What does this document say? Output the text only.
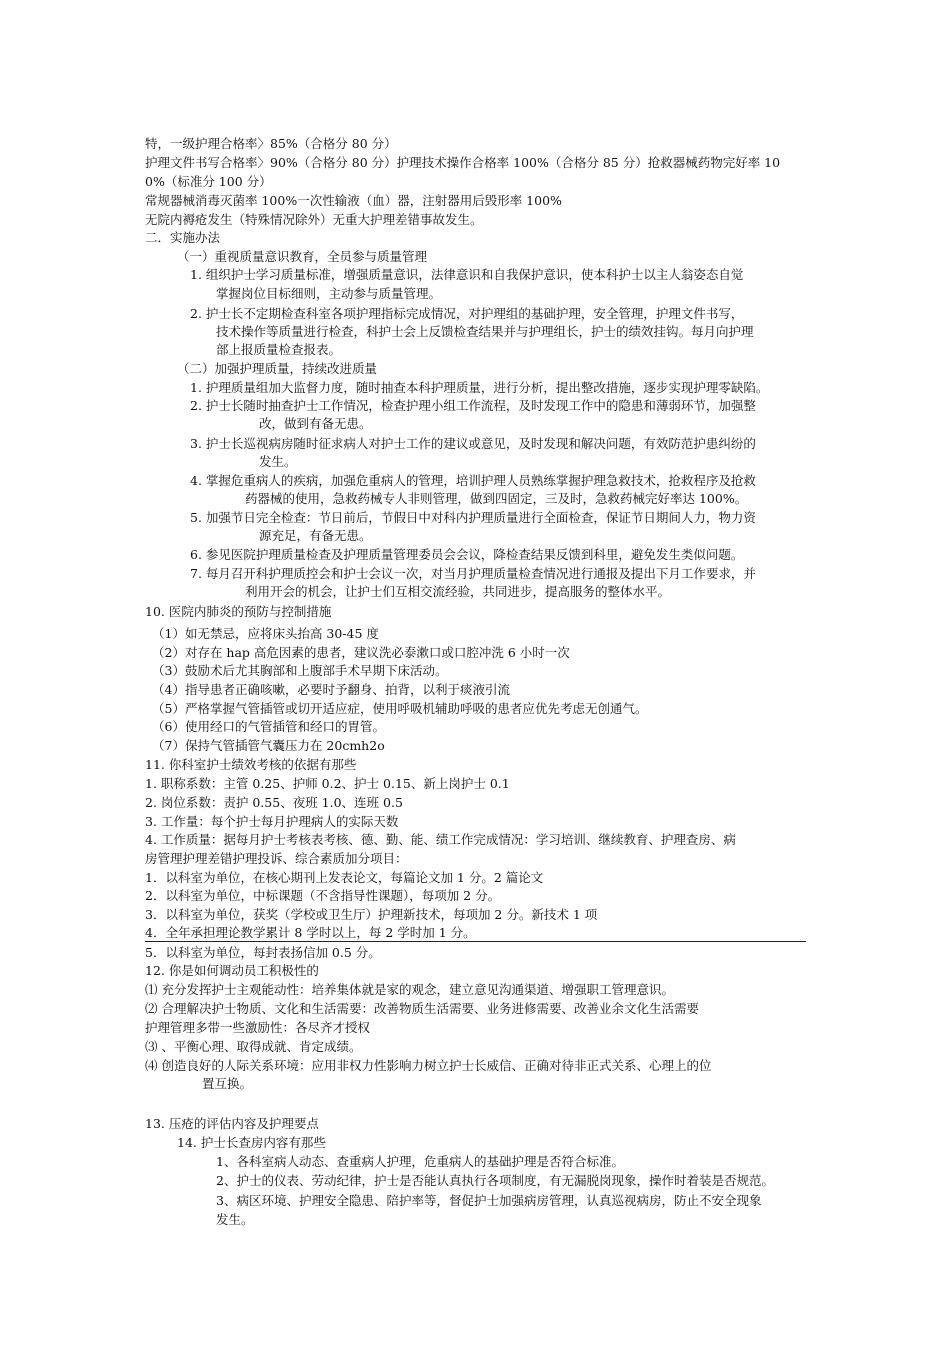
特，一级护理合格率〉85%（合格分 80 分）
护理文件书写合格率〉90%（合格分 80 分）护理技术操作合格率 100%（合格分 85 分）抢救器械药物完好率 10
0%（标准分 100 分）
常规器械消毒灭菌率 100%一次性输液（血）器，注射器用后毁形率 100%
无院内褥疮发生（特殊情况除外）无重大护理差错事故发生。
二．实施办法
（一）重视质量意识教育，全员参与质量管理
1. 组织护士学习质量标准，增强质量意识，法律意识和自我保护意识，使本科护士以主人翁姿态自觉
掌握岗位目标细则，主动参与质量管理。
2. 护士长不定期检查科室各项护理指标完成情况，对护理组的基础护理，安全管理，护理文件书写，
技术操作等质量进行检查，科护士会上反馈检查结果并与护理组长，护士的绩效挂钩。每月向护理
部上报质量检查报表。
（二）加强护理质量，持续改进质量
1. 护理质量组加大监督力度，随时抽查本科护理质量，进行分析，提出整改措施，逐步实现护理零缺陷。
2. 护士长随时抽查护士工作情况，检查护理小组工作流程，及时发现工作中的隐患和薄弱环节，加强整
改，做到有备无患。
3. 护士长巡视病房随时征求病人对护士工作的建议或意见，及时发现和解决问题，有效防范护患纠纷的
发生。
4. 掌握危重病人的疾病，加强危重病人的管理，培训护理人员熟练掌握护理急救技术，抢救程序及抢救
药器械的使用，急救药械专人非则管理，做到四固定，三及时，急救药械完好率达 100%。
5. 加强节日完全检查：节日前后，节假日中对科内护理质量进行全面检查，保证节日期间人力，物力资
源充足，有备无患。
6. 参见医院护理质量检查及护理质量管理委员会会议，降检查结果反馈到科里，避免发生类似问题。
7. 每月召开科护理质控会和护士会议一次，对当月护理质量检查情况进行通报及提出下月工作要求，并
利用开会的机会，让护士们互相交流经验，共同进步，提高服务的整体水平。
10. 医院内肺炎的预防与控制措施
（1）如无禁忌，应将床头抬高 30-45 度
（2）对存在 hap 高危因素的患者，建议洗必泰漱口或口腔冲洗 6 小时一次
（3）鼓励术后尤其胸部和上腹部手术早期下床活动。
（4）指导患者正确咳嗽，必要时予翻身、拍背，以利于痰液引流
（5）严格掌握气管插管或切开适应症，使用呼吸机辅助呼吸的患者应优先考虑无创通气。
（6）使用经口的气管插管和经口的胃管。
（7）保持气管插管气囊压力在 20cmh2o
11. 你科室护士绩效考核的依据有那些
1. 职称系数：主管 0.25、护师 0.2、护士 0.15、新上岗护士 0.1
2. 岗位系数：责护 0.55、夜班 1.0、连班 0.5
3. 工作量：每个护士每月护理病人的实际天数
4. 工作质量：据每月护士考核表考核、德、勤、能、绩工作完成情况：学习培训、继续教育、护理查房、病
房管理护理差错护理投诉、综合素质加分项目：
1．以科室为单位，在核心期刊上发表论文，每篇论文加 1 分。2 篇论文
2．以科室为单位，中标课题（不含指导性课题），每项加 2 分。
3．以科室为单位，获奖（学校或卫生厅）护理新技术，每项加 2 分。新技术 1 项
4．全年承担理论教学累计 8 学时以上，每 2 学时加 1 分。
5．以科室为单位，每封表扬信加 0.5 分。
12. 你是如何调动员工积极性的
⑴ 充分发挥护士主观能动性：培养集体就是家的观念，建立意见沟通渠道、增强职工管理意识。
⑵ 合理解决护士物质、文化和生活需要：改善物质生活需要、业务进修需要、改善业余文化生活需要
护理管理多带一些激励性：各尽齐才授权
⑶ 、平衡心理、取得成就、肯定成绩。
⑷ 创造良好的人际关系环境：应用非权力性影响力树立护士长威信、正确对待非正式关系、心理上的位
置互换。
13. 压疮的评估内容及护理要点
14. 护士长查房内容有那些
1、各科室病人动态、查重病人护理，危重病人的基础护理是否符合标准。
2、护士的仪表、劳动纪律，护士是否能认真执行各项制度，有无漏脱岗现象，操作时着装是否规范。
3、病区环境、护理安全隐患、陪护率等，督促护士加强病房管理，认真巡视病房，防止不安全现象
发生。
